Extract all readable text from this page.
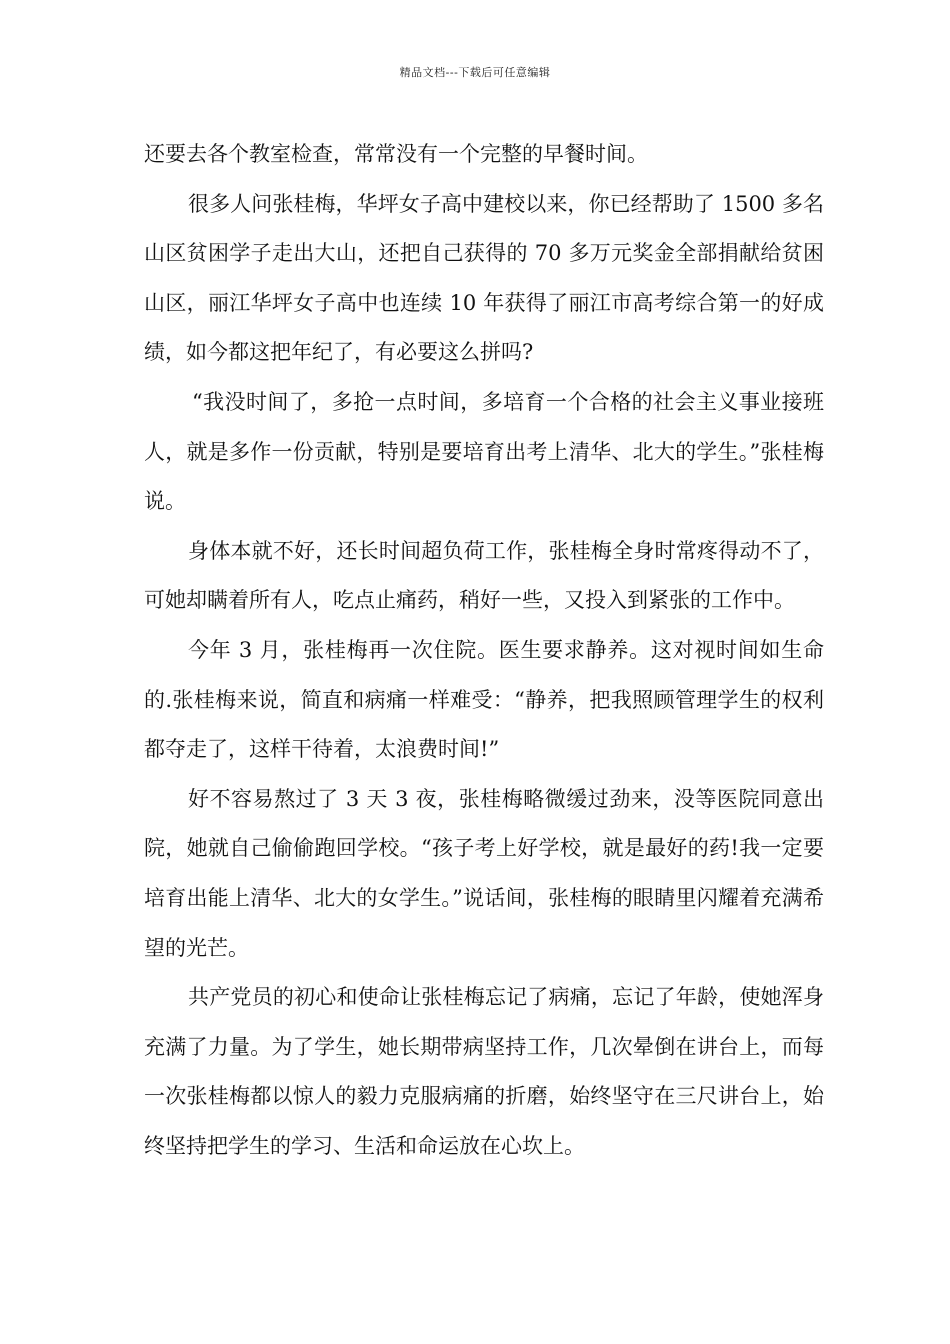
精品文档---下载后可任意编辑

还要去各个教室检查，常常没有一个完整的早餐时间。

很多人问张桂梅，华坪女子高中建校以来，你已经帮助了 1500 多名山区贫困学子走出大山，还把自己获得的 70 多万元奖金全部捐献给贫困山区，丽江华坪女子高中也连续 10 年获得了丽江市高考综合第一的好成绩，如今都这把年纪了，有必要这么拼吗?

“我没时间了，多抢一点时间，多培育一个合格的社会主义事业接班人，就是多作一份贡献，特别是要培育出考上清华、北大的学生。”张桂梅说。

身体本就不好，还长时间超负荷工作，张桂梅全身时常疼得动不了，可她却瞒着所有人，吃点止痛药，稍好一些，又投入到紧张的工作中。

今年 3 月，张桂梅再一次住院。医生要求静养。这对视时间如生命的.张桂梅来说，简直和病痛一样难受：“静养，把我照顾管理学生的权利都夺走了，这样干待着，太浪费时间!”

好不容易熬过了 3 天 3 夜，张桂梅略微缓过劲来，没等医院同意出院，她就自己偷偷跑回学校。“孩子考上好学校，就是最好的药!我一定要培育出能上清华、北大的女学生。”说话间，张桂梅的眼睛里闪耀着充满希望的光芒。

共产党员的初心和使命让张桂梅忘记了病痛，忘记了年龄，使她浑身充满了力量。为了学生，她长期带病坚持工作，几次晕倒在讲台上，而每一次张桂梅都以惊人的毅力克服病痛的折磨，始终坚守在三尺讲台上，始终坚持把学生的学习、生活和命运放在心坎上。
